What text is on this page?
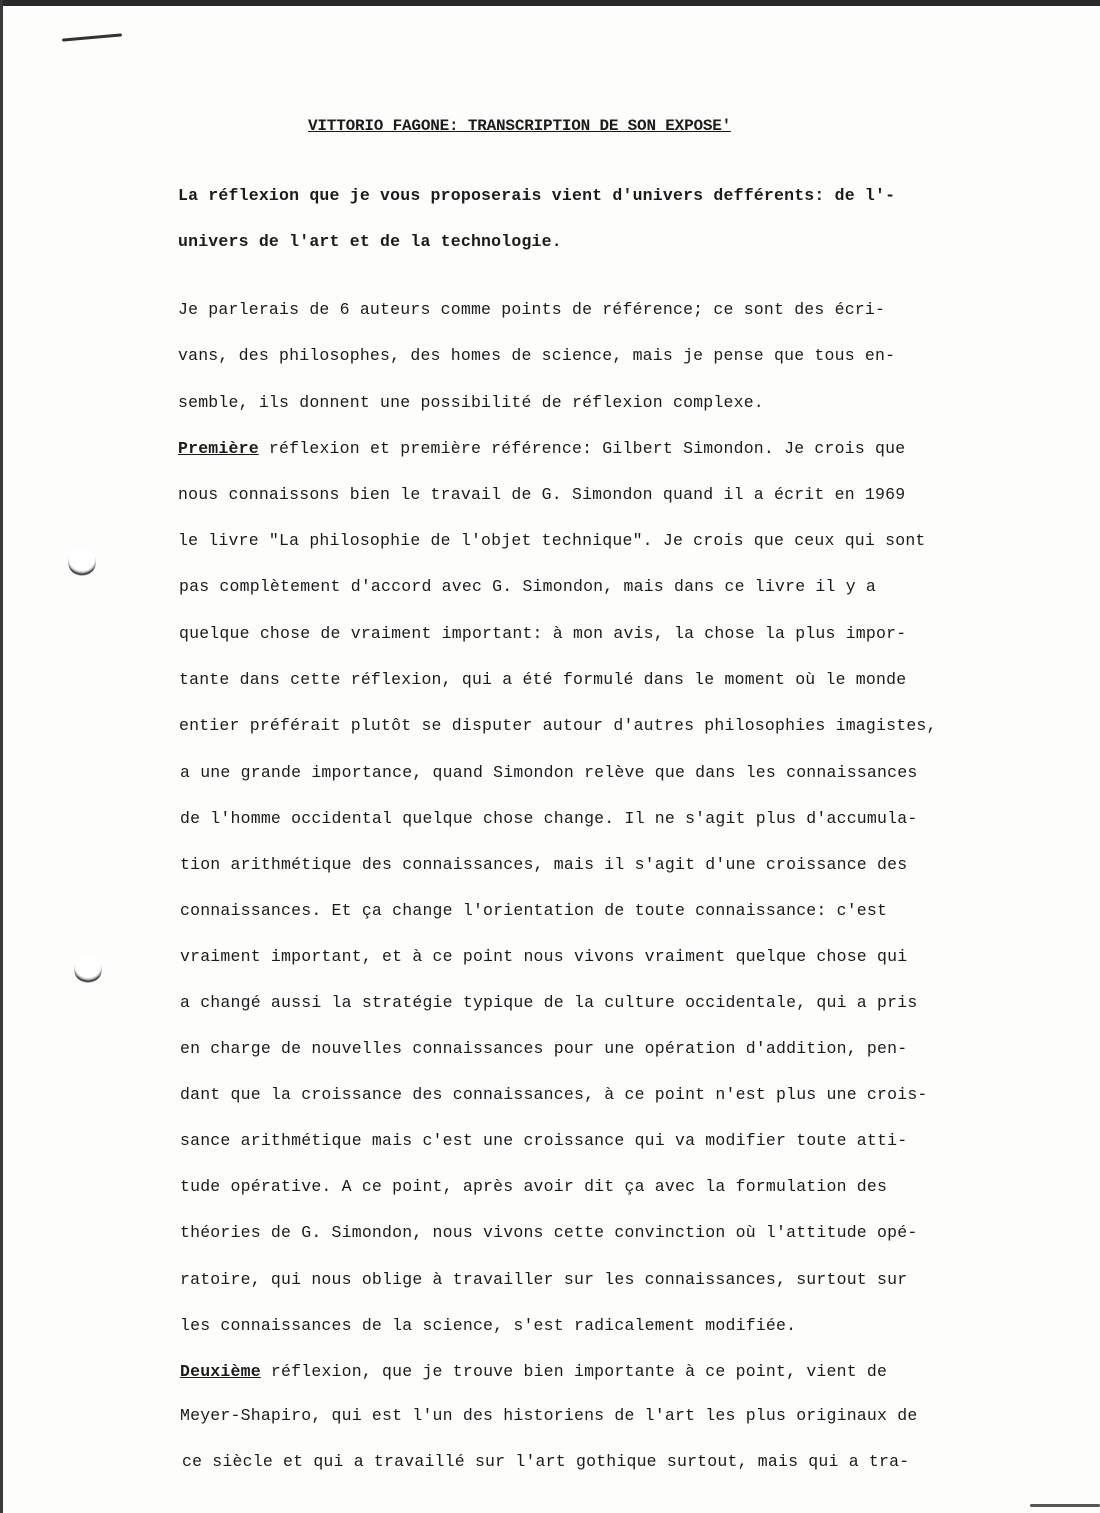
VITTORIO FAGONE: TRANSCRIPTION DE SON EXPOSE'
La réflexion que je vous proposerais vient d'univers defférents: de l'-
univers de l'art et de la technologie.
Je parlerais de 6 auteurs comme points de référence; ce sont des écri-
vans, des philosophes, des homes de science, mais je pense que tous en-
semble, ils donnent une possibilité de réflexion complexe.
Première réflexion et première référence: Gilbert Simondon. Je crois que
nous connaissons bien le travail de G. Simondon quand il a écrit en 1969
le livre "La philosophie de l'objet technique". Je crois que ceux qui sont
pas complètement d'accord avec G. Simondon, mais dans ce livre il y a
quelque chose de vraiment important: à mon avis, la chose la plus impor-
tante dans cette réflexion, qui a été formulé dans le moment où le monde
entier préférait plutôt se disputer autour d'autres philosophies imagistes,
a une grande importance, quand Simondon relève que dans les connaissances
de l'homme occidental quelque chose change. Il ne s'agit plus d'accumula-
tion arithmétique des connaissances, mais il s'agit d'une croissance des
connaissances. Et ça change l'orientation de toute connaissance: c'est
vraiment important, et à ce point nous vivons vraiment quelque chose qui
a changé aussi la stratégie typique de la culture occidentale, qui a pris
en charge de nouvelles connaissances pour une opération d'addition, pen-
dant que la croissance des connaissances, à ce point n'est plus une crois-
sance arithmétique mais c'est une croissance qui va modifier toute atti-
tude opérative. A ce point, après avoir dit ça avec la formulation des
théories de G. Simondon, nous vivons cette convinction où l'attitude opé-
ratoire, qui nous oblige à travailler sur les connaissances, surtout sur
les connaissances de la science, s'est radicalement modifiée.
Deuxième réflexion, que je trouve bien importante à ce point, vient de
Meyer-Shapiro, qui est l'un des historiens de l'art les plus originaux de
ce siècle et qui a travaillé sur l'art gothique surtout, mais qui a tra-
